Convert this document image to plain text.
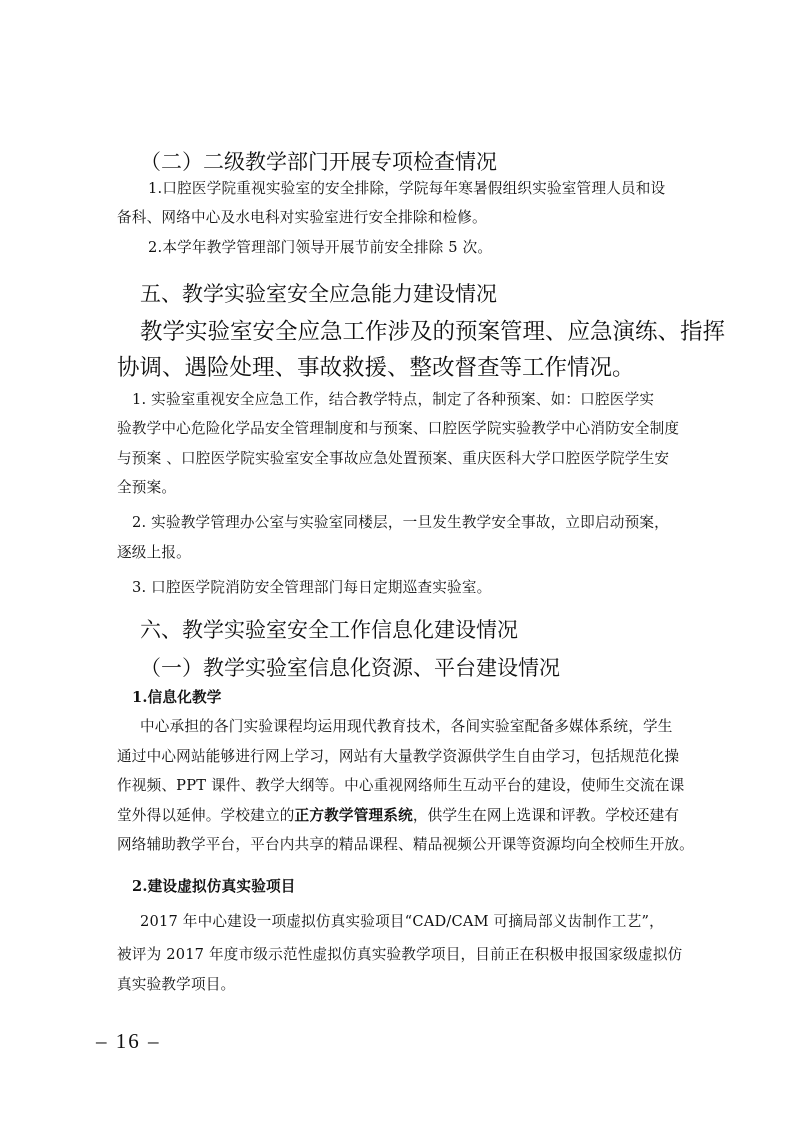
（二）二级教学部门开展专项检查情况
1.口腔医学院重视实验室的安全排除，学院每年寒暑假组织实验室管理人员和设
备科、网络中心及水电科对实验室进行安全排除和检修。
2.本学年教学管理部门领导开展节前安全排除 5 次。
五、教学实验室安全应急能力建设情况
教学实验室安全应急工作涉及的预案管理、应急演练、指挥
协调、遇险处理、事故救援、整改督查等工作情况。
1. 实验室重视安全应急工作，结合教学特点，制定了各种预案、如：口腔医学实
验教学中心危险化学品安全管理制度和与预案、口腔医学院实验教学中心消防安全制度
与预案 、口腔医学院实验室安全事故应急处置预案、重庆医科大学口腔医学院学生安
全预案。
2. 实验教学管理办公室与实验室同楼层，一旦发生教学安全事故，立即启动预案，
逐级上报。
3. 口腔医学院消防安全管理部门每日定期巡查实验室。
六、教学实验室安全工作信息化建设情况
（一）教学实验室信息化资源、平台建设情况
1.信息化教学
中心承担的各门实验课程均运用现代教育技术，各间实验室配备多媒体系统，学生
通过中心网站能够进行网上学习，网站有大量教学资源供学生自由学习，包括规范化操
作视频、PPT 课件、教学大纲等。中心重视网络师生互动平台的建设，使师生交流在课
堂外得以延伸。学校建立的正方教学管理系统，供学生在网上选课和评教。学校还建有
网络辅助教学平台，平台内共享的精品课程、精品视频公开课等资源均向全校师生开放。
2.建设虚拟仿真实验项目
2017 年中心建设一项虚拟仿真实验项目“CAD/CAM 可摘局部义齿制作工艺”，
被评为 2017 年度市级示范性虚拟仿真实验教学项目，目前正在积极申报国家级虚拟仿
真实验教学项目。
– 16 –
